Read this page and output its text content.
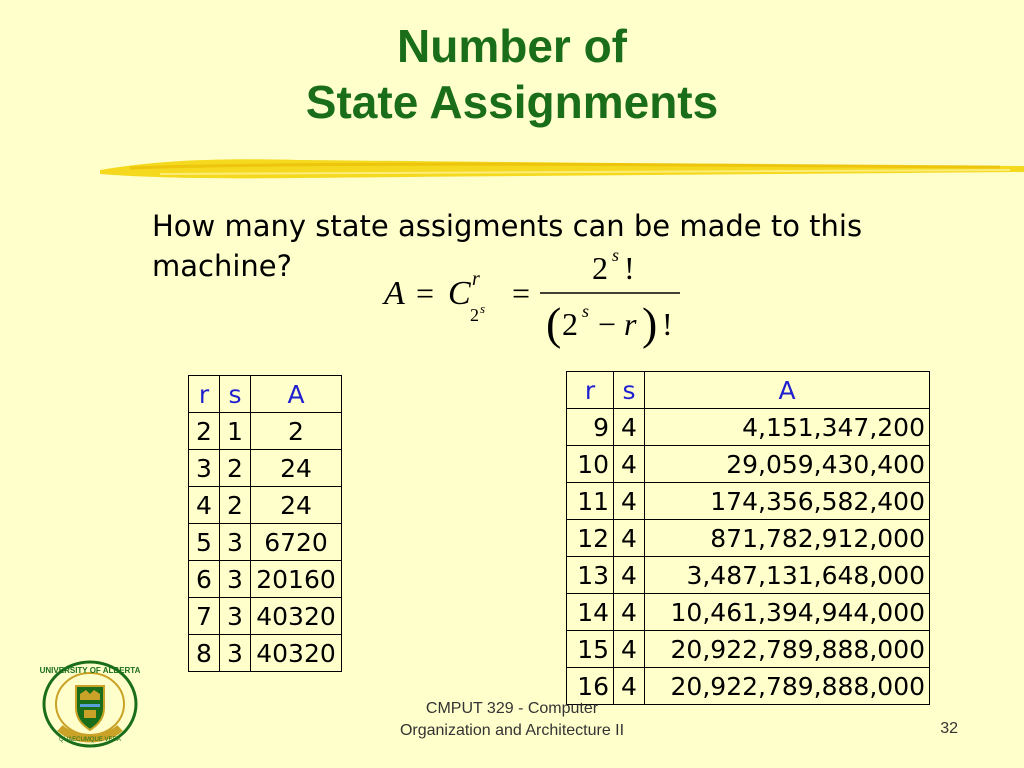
Number of
State Assignments
How many state assigments can be made to this machine?
A = C r
2 s =
2 s !
( 2 s − r ) !
r	s	A
2	1	2
3	2	24
4	2	24
5	3	6720
6	3	20160
7	3	40320
8	3	40320
r	s	A
9	4	4,151,347,200
10	4	29,059,430,400
11	4	174,356,582,400
12	4	871,782,912,000
13	4	3,487,131,648,000
14	4	10,461,394,944,000
15	4	20,922,789,888,000
16	4	20,922,789,888,000
UNIVERSITY OF ALBERTA
QUAECUMQUE VERA
CMPUT 329 - Computer
Organization and Architecture II	32
